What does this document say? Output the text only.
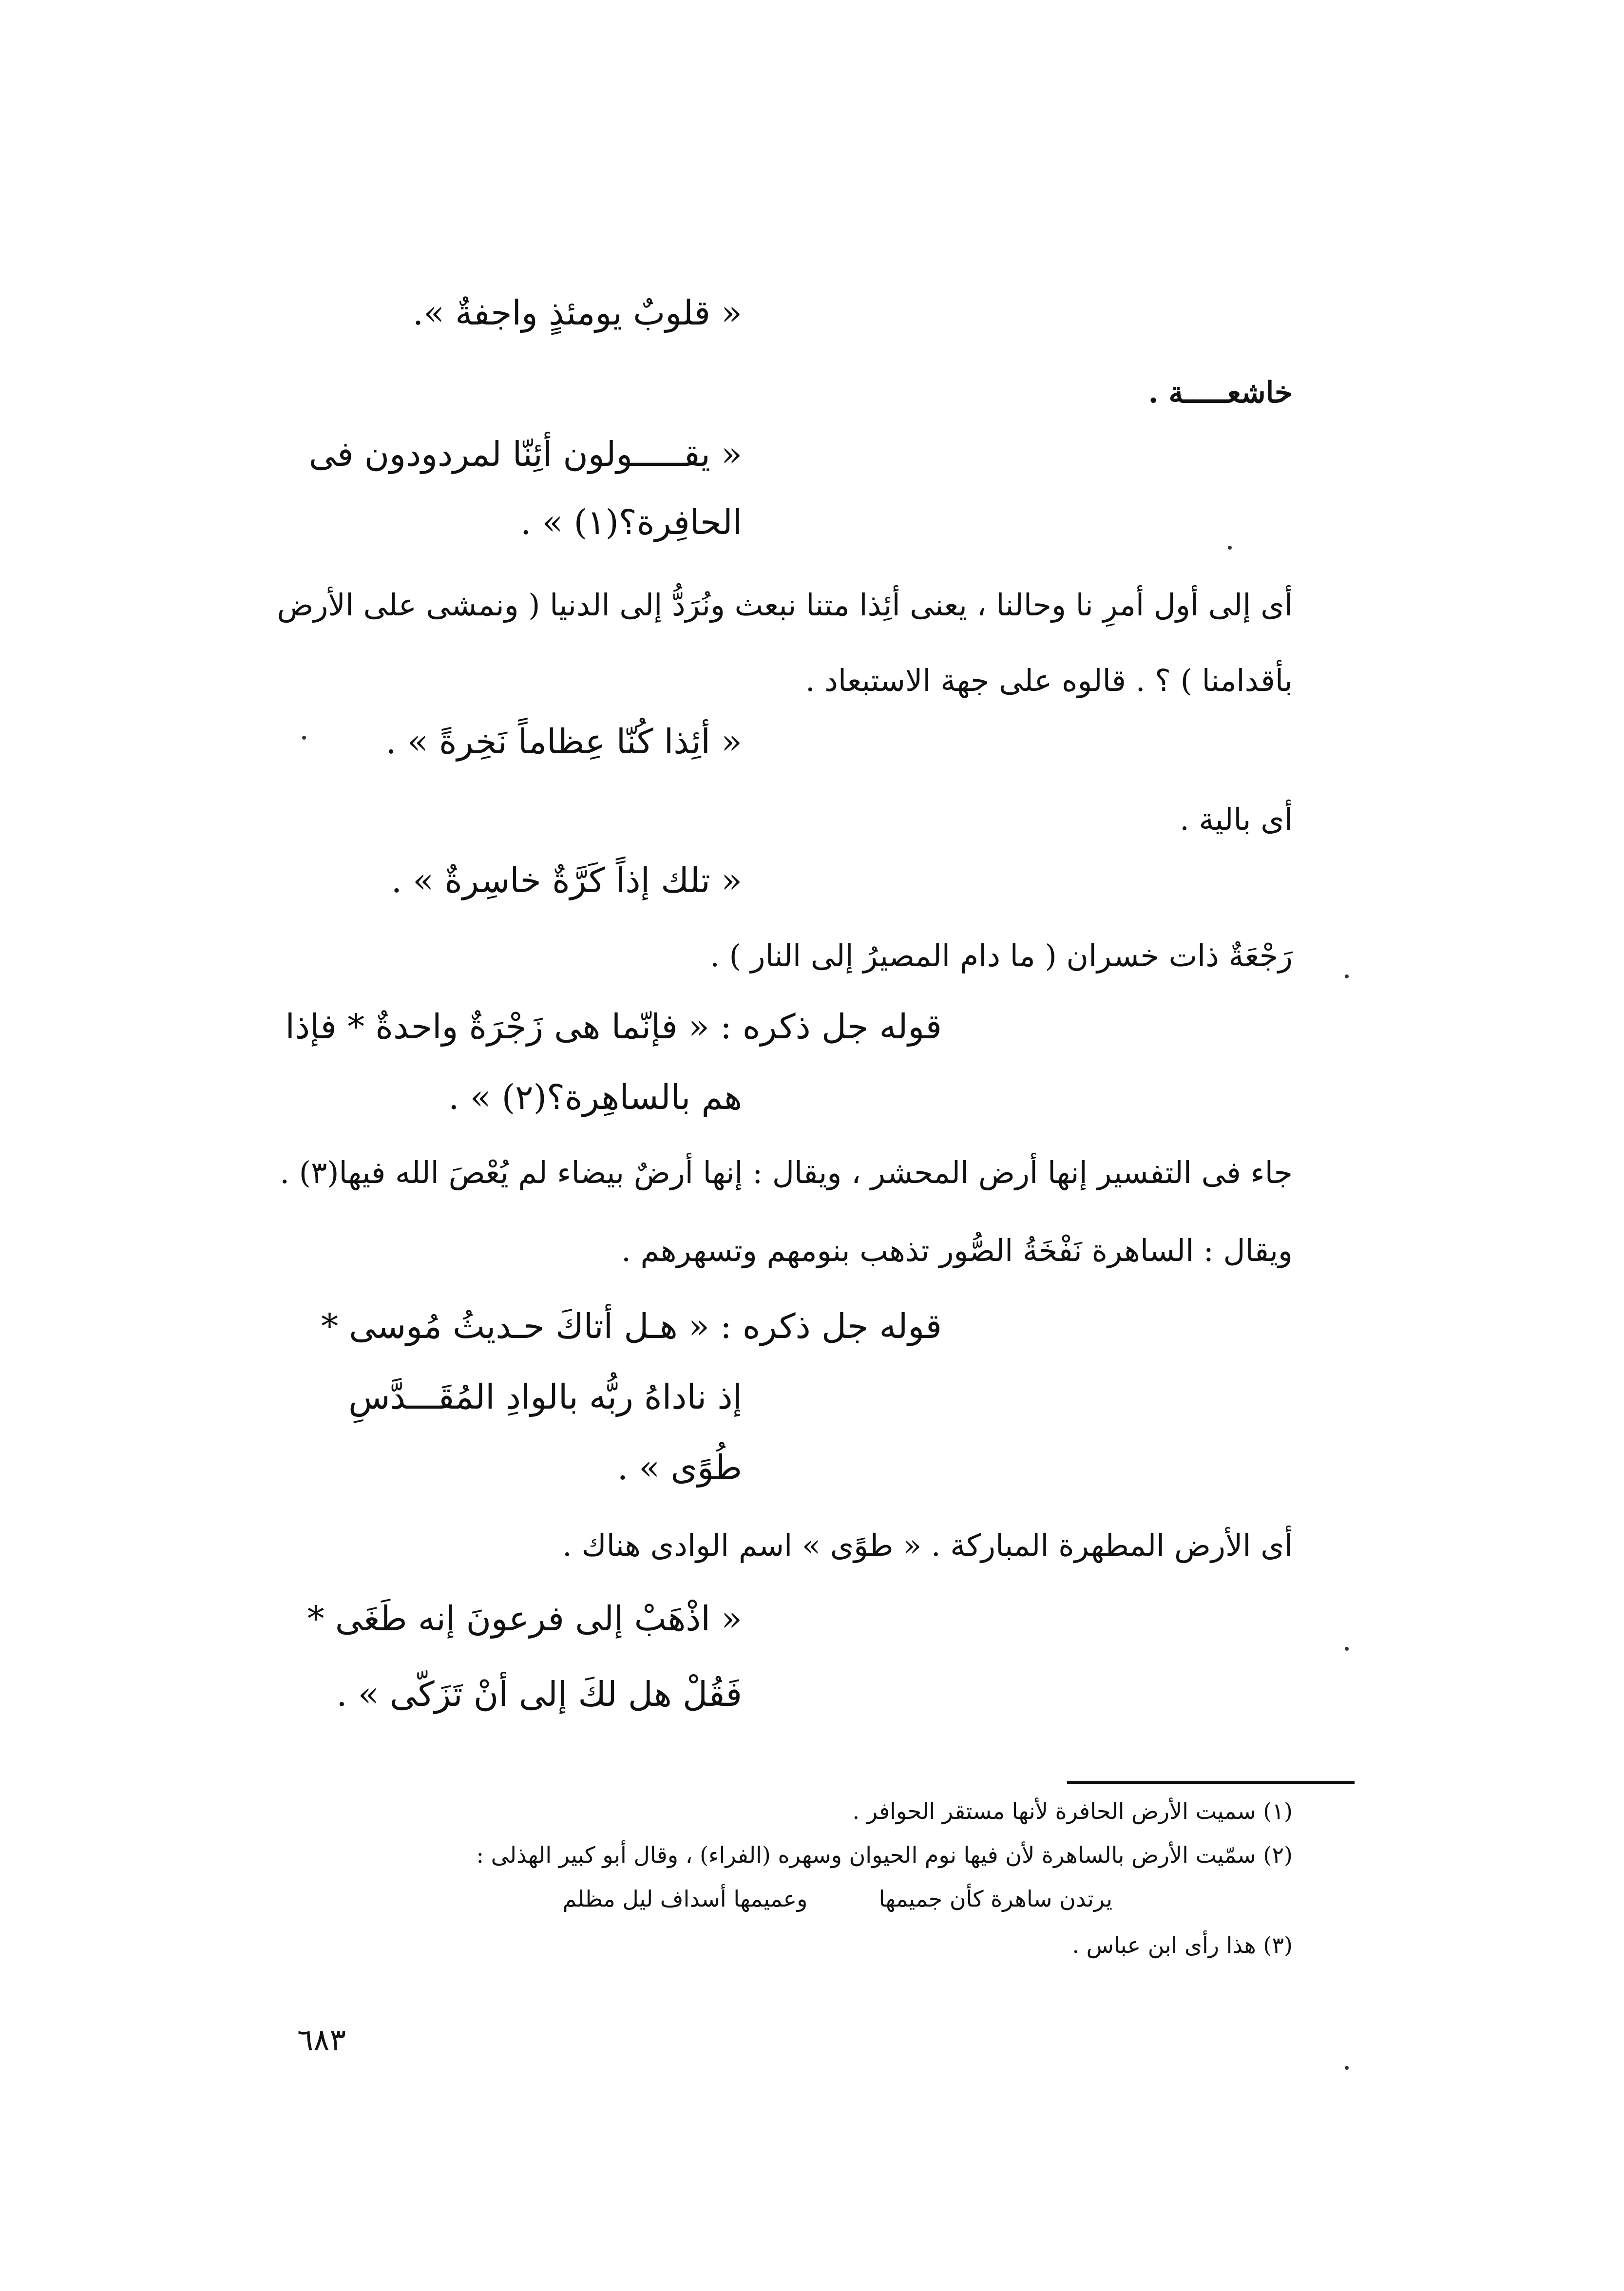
« قلوبٌ يومئذٍ واجفةٌ ».
خاشعـــــة .
« يقـــــولون أئِنّا لمردودون فى
الحافِرة؟(١) » .
أى إلى أول أمرِ نا وحالنا ، يعنى أئِذا متنا نبعث ونُرَدُّ إلى الدنيا ( ونمشى على الأرض
بأقدامنا ) ؟ . قالوه على جهة الاستبعاد .
« أئِذا كُنّا عِظاماً نَخِرةً » .
أى بالية .
« تلك إذاً كَرَّةٌ خاسِرةٌ » .
رَجْعَةٌ ذات خسران ( ما دام المصيرُ إلى النار ) .
قوله جل ذكره : « فإنّما هى زَجْرَةٌ واحدةٌ * فإذا
هم بالساهِرة؟(٢) » .
جاء فى التفسير إنها أرض المحشر ، ويقال : إنها أرضٌ بيضاء لم يُعْصَ الله فيها(٣) .
ويقال : الساهرة نَفْخَةُ الصُّور تذهب بنومهم وتسهرهم .
قوله جل ذكره : « هـل أتاكَ حـديثُ مُوسى *
إذ ناداهُ ربُّه بالوادِ المُقَـــدَّسِ
طُوًى » .
أى الأرض المطهرة المباركة . « طوًى » اسم الوادى هناك .
« اذْهَبْ إلى فرعونَ إنه طَغَى *
فَقُلْ هل لكَ إلى أنْ تَزَكّى » .
(١) سميت الأرض الحافرة لأنها مستقر الحوافر .
(٢) سمّيت الأرض بالساهرة لأن فيها نوم الحيوان وسهره (الفراء) ، وقال أبو كبير الهذلى :
يرتدن ساهرة كأن جميمها          وعميمها أسداف ليل مظلم
(٣) هذا رأى ابن عباس .
٦٨٣
